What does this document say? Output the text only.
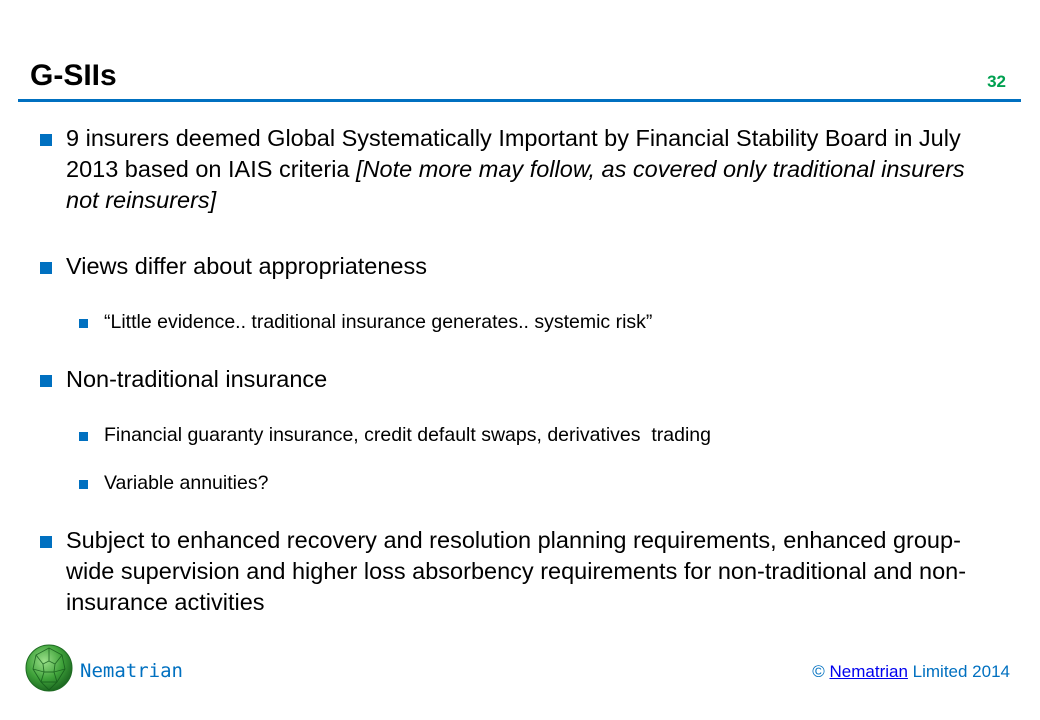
G-SIIs	32
9 insurers deemed Global Systematically Important by Financial Stability Board in July 2013 based on IAIS criteria [Note more may follow, as covered only traditional insurers not reinsurers]
Views differ about appropriateness
“Little evidence.. traditional insurance generates.. systemic risk”
Non-traditional insurance
Financial guaranty insurance, credit default swaps, derivatives  trading
Variable annuities?
Subject to enhanced recovery and resolution planning requirements, enhanced group-wide supervision and higher loss absorbency requirements for non-traditional and non-insurance activities
Nematrian	© Nematrian Limited 2014
